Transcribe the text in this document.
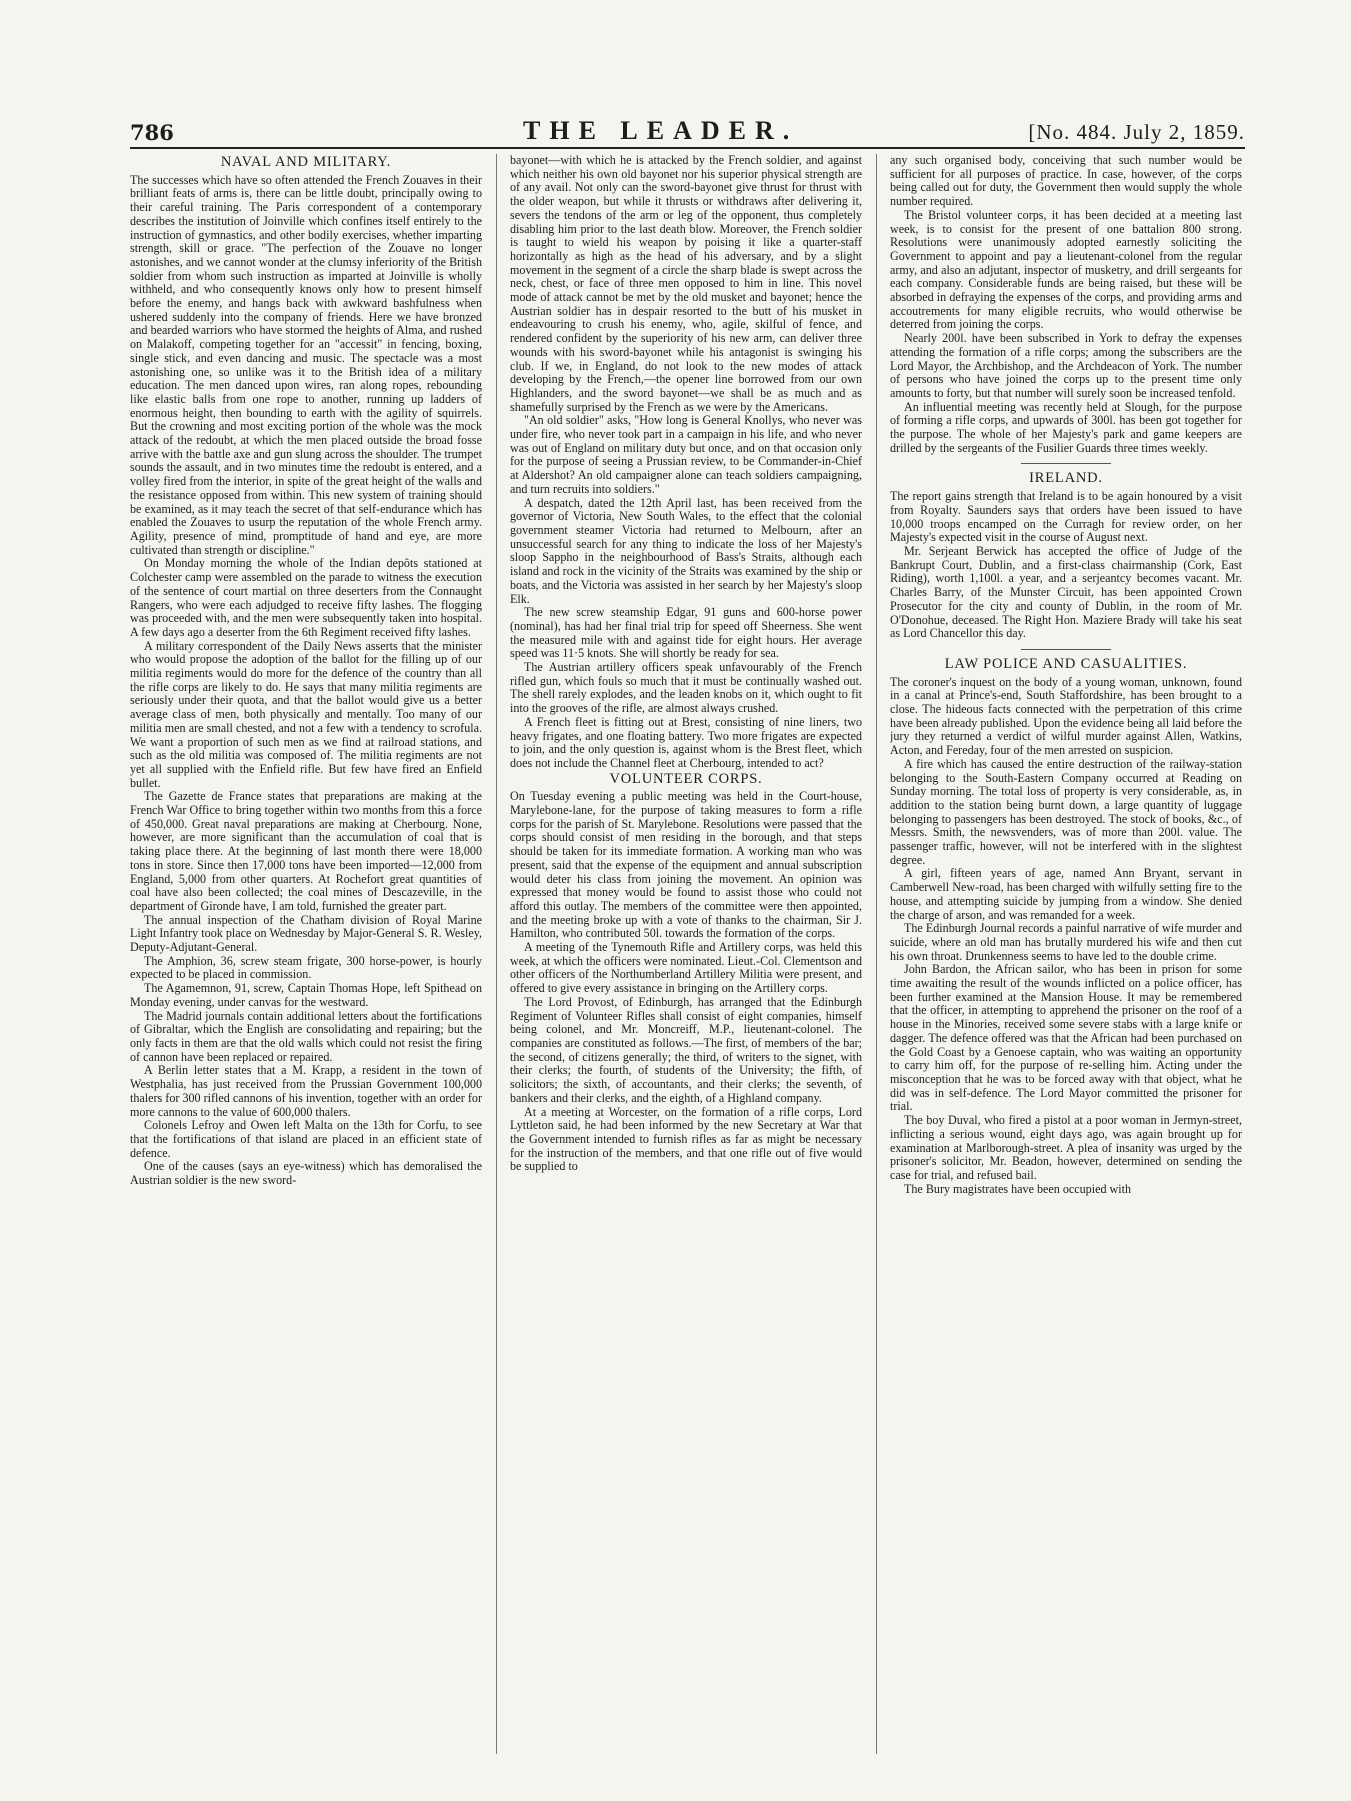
786	THE LEADER.	[No. 484. July 2, 1859.
NAVAL AND MILITARY.

The successes which have so often attended the French Zouaves in their brilliant feats of arms is, there can be little doubt, principally owing to their careful training. The Paris correspondent of a contemporary describes the institution of Joinville which confines itself entirely to the instruction of gymnastics, and other bodily exercises, whether imparting strength, skill or grace. "The perfection of the Zouave no longer astonishes, and we cannot wonder at the clumsy inferiority of the British soldier from whom such instruction as imparted at Joinville is wholly withheld, and who consequently knows only how to present himself before the enemy, and hangs back with awkward bashfulness when ushered suddenly into the company of friends. Here we have bronzed and bearded warriors who have stormed the heights of Alma, and rushed on Malakoff, competing together for an "accessit" in fencing, boxing, single stick, and even dancing and music. The spectacle was a most astonishing one, so unlike was it to the British idea of a military education. The men danced upon wires, ran along ropes, rebounding like elastic balls from one rope to another, running up ladders of enormous height, then bounding to earth with the agility of squirrels. But the crowning and most exciting portion of the whole was the mock attack of the redoubt, at which the men placed outside the broad fosse arrive with the battle axe and gun slung across the shoulder. The trumpet sounds the assault, and in two minutes time the redoubt is entered, and a volley fired from the interior, in spite of the great height of the walls and the resistance opposed from within. This new system of training should be examined, as it may teach the secret of that self-endurance which has enabled the Zouaves to usurp the reputation of the whole French army. Agility, presence of mind, promptitude of hand and eye, are more cultivated than strength or discipline."

On Monday morning the whole of the Indian depôts stationed at Colchester camp were assembled on the parade to witness the execution of the sentence of court martial on three deserters from the Connaught Rangers, who were each adjudged to receive fifty lashes. The flogging was proceeded with, and the men were subsequently taken into hospital. A few days ago a deserter from the 6th Regiment received fifty lashes.

A military correspondent of the Daily News asserts that the minister who would propose the adoption of the ballot for the filling up of our militia regiments would do more for the defence of the country than all the rifle corps are likely to do. He says that many militia regiments are seriously under their quota, and that the ballot would give us a better average class of men, both physically and mentally. Too many of our militia men are small chested, and not a few with a tendency to scrofula. We want a proportion of such men as we find at railroad stations, and such as the old militia was composed of. The militia regiments are not yet all supplied with the Enfield rifle. But few have fired an Enfield bullet.

The Gazette de France states that preparations are making at the French War Office to bring together within two months from this a force of 450,000. Great naval preparations are making at Cherbourg. None, however, are more significant than the accumulation of coal that is taking place there. At the beginning of last month there were 18,000 tons in store. Since then 17,000 tons have been imported—12,000 from England, 5,000 from other quarters. At Rochefort great quantities of coal have also been collected; the coal mines of Descazeville, in the department of Gironde have, I am told, furnished the greater part.

The annual inspection of the Chatham division of Royal Marine Light Infantry took place on Wednesday by Major-General S. R. Wesley, Deputy-Adjutant-General.

The Amphion, 36, screw steam frigate, 300 horse-power, is hourly expected to be placed in commission.

The Agamemnon, 91, screw, Captain Thomas Hope, left Spithead on Monday evening, under canvas for the westward.

The Madrid journals contain additional letters about the fortifications of Gibraltar, which the English are consolidating and repairing; but the only facts in them are that the old walls which could not resist the firing of cannon have been replaced or repaired.

A Berlin letter states that a M. Krapp, a resident in the town of Westphalia, has just received from the Prussian Government 100,000 thalers for 300 rifled cannons of his invention, together with an order for more cannons to the value of 600,000 thalers.

Colonels Lefroy and Owen left Malta on the 13th for Corfu, to see that the fortifications of that island are placed in an efficient state of defence.

One of the causes (says an eye-witness) which has demoralised the Austrian soldier is the new sword-

bayonet—with which he is attacked by the French soldier, and against which neither his own old bayonet nor his superior physical strength are of any avail. Not only can the sword-bayonet give thrust for thrust with the older weapon, but while it thrusts or withdraws after delivering it, severs the tendons of the arm or leg of the opponent, thus completely disabling him prior to the last death blow. Moreover, the French soldier is taught to wield his weapon by poising it like a quarter-staff horizontally as high as the head of his adversary, and by a slight movement in the segment of a circle the sharp blade is swept across the neck, chest, or face of three men opposed to him in line. This novel mode of attack cannot be met by the old musket and bayonet; hence the Austrian soldier has in despair resorted to the butt of his musket in endeavouring to crush his enemy, who, agile, skilful of fence, and rendered confident by the superiority of his new arm, can deliver three wounds with his sword-bayonet while his antagonist is swinging his club. If we, in England, do not look to the new modes of attack developing by the French,—the opener line borrowed from our own Highlanders, and the sword bayonet—we shall be as much and as shamefully surprised by the French as we were by the Americans.

"An old soldier" asks, "How long is General Knollys, who never was under fire, who never took part in a campaign in his life, and who never was out of England on military duty but once, and on that occasion only for the purpose of seeing a Prussian review, to be Commander-in-Chief at Aldershot? An old campaigner alone can teach soldiers campaigning, and turn recruits into soldiers."

A despatch, dated the 12th April last, has been received from the governor of Victoria, New South Wales, to the effect that the colonial government steamer Victoria had returned to Melbourn, after an unsuccessful search for any thing to indicate the loss of her Majesty's sloop Sappho in the neighbourhood of Bass's Straits, although each island and rock in the vicinity of the Straits was examined by the ship or boats, and the Victoria was assisted in her search by her Majesty's sloop Elk.

The new screw steamship Edgar, 91 guns and 600-horse power (nominal), has had her final trial trip for speed off Sheerness. She went the measured mile with and against tide for eight hours. Her average speed was 11·5 knots. She will shortly be ready for sea.

The Austrian artillery officers speak unfavourably of the French rifled gun, which fouls so much that it must be continually washed out. The shell rarely explodes, and the leaden knobs on it, which ought to fit into the grooves of the rifle, are almost always crushed.

A French fleet is fitting out at Brest, consisting of nine liners, two heavy frigates, and one floating battery. Two more frigates are expected to join, and the only question is, against whom is the Brest fleet, which does not include the Channel fleet at Cherbourg, intended to act?

VOLUNTEER CORPS.

On Tuesday evening a public meeting was held in the Court-house, Marylebone-lane, for the purpose of taking measures to form a rifle corps for the parish of St. Marylebone. Resolutions were passed that the corps should consist of men residing in the borough, and that steps should be taken for its immediate formation. A working man who was present, said that the expense of the equipment and annual subscription would deter his class from joining the movement. An opinion was expressed that money would be found to assist those who could not afford this outlay. The members of the committee were then appointed, and the meeting broke up with a vote of thanks to the chairman, Sir J. Hamilton, who contributed 50l. towards the formation of the corps.

A meeting of the Tynemouth Rifle and Artillery corps, was held this week, at which the officers were nominated. Lieut.-Col. Clementson and other officers of the Northumberland Artillery Militia were present, and offered to give every assistance in bringing on the Artillery corps.

The Lord Provost, of Edinburgh, has arranged that the Edinburgh Regiment of Volunteer Rifles shall consist of eight companies, himself being colonel, and Mr. Moncreiff, M.P., lieutenant-colonel. The companies are constituted as follows.—The first, of members of the bar; the second, of citizens generally; the third, of writers to the signet, with their clerks; the fourth, of students of the University; the fifth, of solicitors; the sixth, of accountants, and their clerks; the seventh, of bankers and their clerks, and the eighth, of a Highland company.

At a meeting at Worcester, on the formation of a rifle corps, Lord Lyttleton said, he had been informed by the new Secretary at War that the Government intended to furnish rifles as far as might be necessary for the instruction of the members, and that one rifle out of five would be supplied to

any such organised body, conceiving that such number would be sufficient for all purposes of practice. In case, however, of the corps being called out for duty, the Government then would supply the whole number required.

The Bristol volunteer corps, it has been decided at a meeting last week, is to consist for the present of one battalion 800 strong. Resolutions were unanimously adopted earnestly soliciting the Government to appoint and pay a lieutenant-colonel from the regular army, and also an adjutant, inspector of musketry, and drill sergeants for each company. Considerable funds are being raised, but these will be absorbed in defraying the expenses of the corps, and providing arms and accoutrements for many eligible recruits, who would otherwise be deterred from joining the corps.

Nearly 200l. have been subscribed in York to defray the expenses attending the formation of a rifle corps; among the subscribers are the Lord Mayor, the Archbishop, and the Archdeacon of York. The number of persons who have joined the corps up to the present time only amounts to forty, but that number will surely soon be increased tenfold.

An influential meeting was recently held at Slough, for the purpose of forming a rifle corps, and upwards of 300l. has been got together for the purpose. The whole of her Majesty's park and game keepers are drilled by the sergeants of the Fusilier Guards three times weekly.

IRELAND.

The report gains strength that Ireland is to be again honoured by a visit from Royalty. Saunders says that orders have been issued to have 10,000 troops encamped on the Curragh for review order, on her Majesty's expected visit in the course of August next.

Mr. Serjeant Berwick has accepted the office of Judge of the Bankrupt Court, Dublin, and a first-class chairmanship (Cork, East Riding), worth 1,100l. a year, and a serjeantcy becomes vacant. Mr. Charles Barry, of the Munster Circuit, has been appointed Crown Prosecutor for the city and county of Dublin, in the room of Mr. O'Donohue, deceased. The Right Hon. Maziere Brady will take his seat as Lord Chancellor this day.

LAW POLICE AND CASUALITIES.

The coroner's inquest on the body of a young woman, unknown, found in a canal at Prince's-end, South Staffordshire, has been brought to a close. The hideous facts connected with the perpetration of this crime have been already published. Upon the evidence being all laid before the jury they returned a verdict of wilful murder against Allen, Watkins, Acton, and Fereday, four of the men arrested on suspicion.

A fire which has caused the entire destruction of the railway-station belonging to the South-Eastern Company occurred at Reading on Sunday morning. The total loss of property is very considerable, as, in addition to the station being burnt down, a large quantity of luggage belonging to passengers has been destroyed. The stock of books, &c., of Messrs. Smith, the newsvenders, was of more than 200l. value. The passenger traffic, however, will not be interfered with in the slightest degree.

A girl, fifteen years of age, named Ann Bryant, servant in Camberwell New-road, has been charged with wilfully setting fire to the house, and attempting suicide by jumping from a window. She denied the charge of arson, and was remanded for a week.

The Edinburgh Journal records a painful narrative of wife murder and suicide, where an old man has brutally murdered his wife and then cut his own throat. Drunkenness seems to have led to the double crime.

John Bardon, the African sailor, who has been in prison for some time awaiting the result of the wounds inflicted on a police officer, has been further examined at the Mansion House. It may be remembered that the officer, in attempting to apprehend the prisoner on the roof of a house in the Minories, received some severe stabs with a large knife or dagger. The defence offered was that the African had been purchased on the Gold Coast by a Genoese captain, who was waiting an opportunity to carry him off, for the purpose of re-selling him. Acting under the misconception that he was to be forced away with that object, what he did was in self-defence. The Lord Mayor committed the prisoner for trial.

The boy Duval, who fired a pistol at a poor woman in Jermyn-street, inflicting a serious wound, eight days ago, was again brought up for examination at Marlborough-street. A plea of insanity was urged by the prisoner's solicitor, Mr. Beadon, however, determined on sending the case for trial, and refused bail.

The Bury magistrates have been occupied with
